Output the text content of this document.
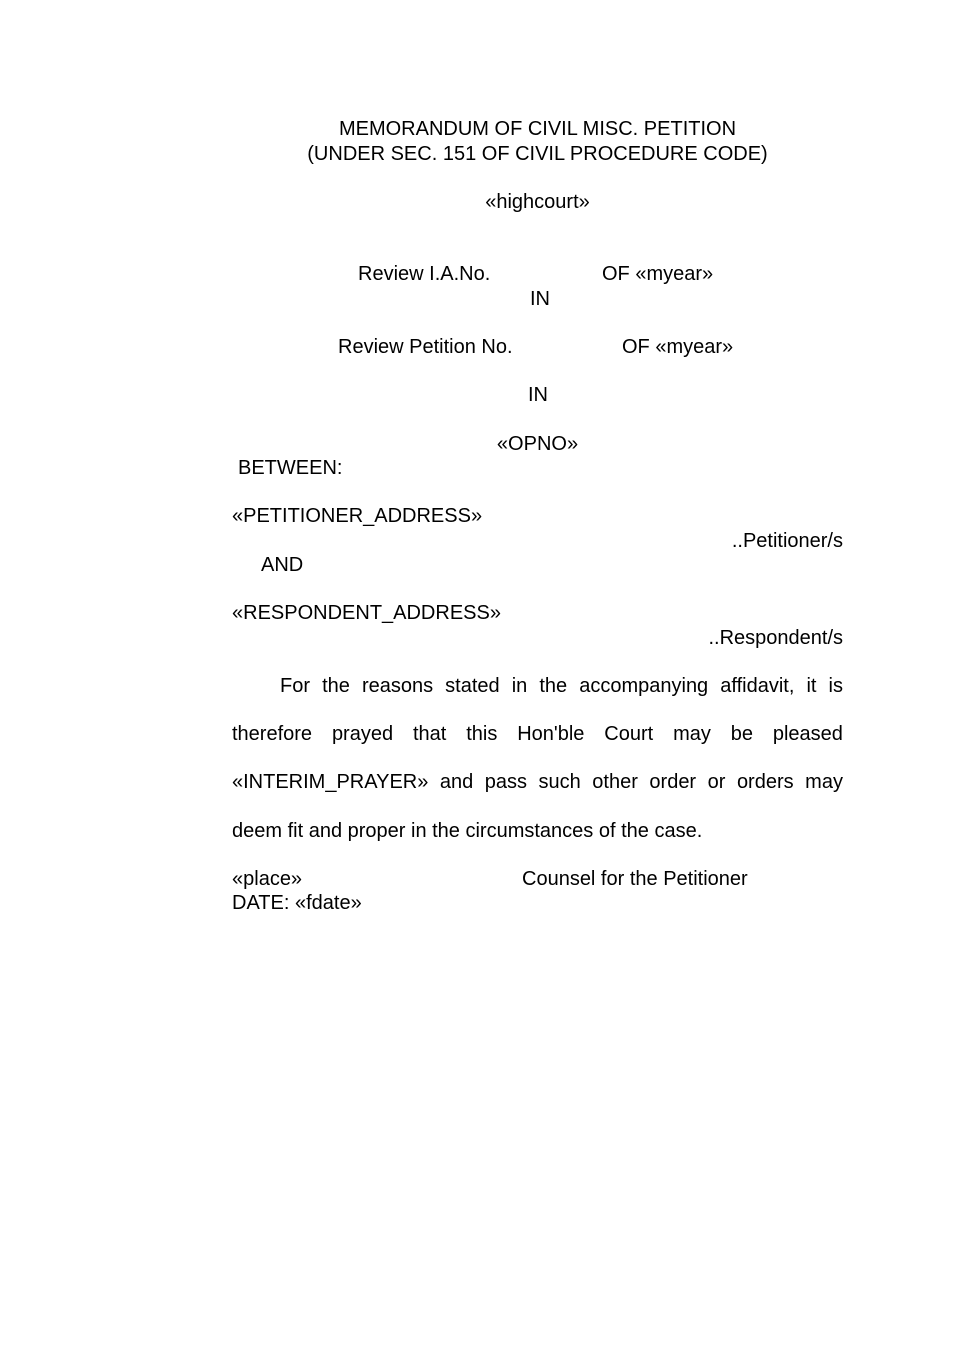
MEMORANDUM OF CIVIL MISC. PETITION
(UNDER SEC. 151 OF CIVIL PROCEDURE CODE)
«highcourt»
Review I.A.No.	OF «myear»
IN
Review Petition No.	OF «myear»
IN
«OPNO»
BETWEEN:
«PETITIONER_ADDRESS»
..Petitioner/s
AND
«RESPONDENT_ADDRESS»
..Respondent/s
For the reasons stated in the accompanying affidavit, it is
therefore prayed that this Hon'ble Court may be pleased
«INTERIM_PRAYER» and pass such other order or orders may
deem fit and proper in the circumstances of the case.
«place»	Counsel for the Petitioner
DATE: «fdate»
